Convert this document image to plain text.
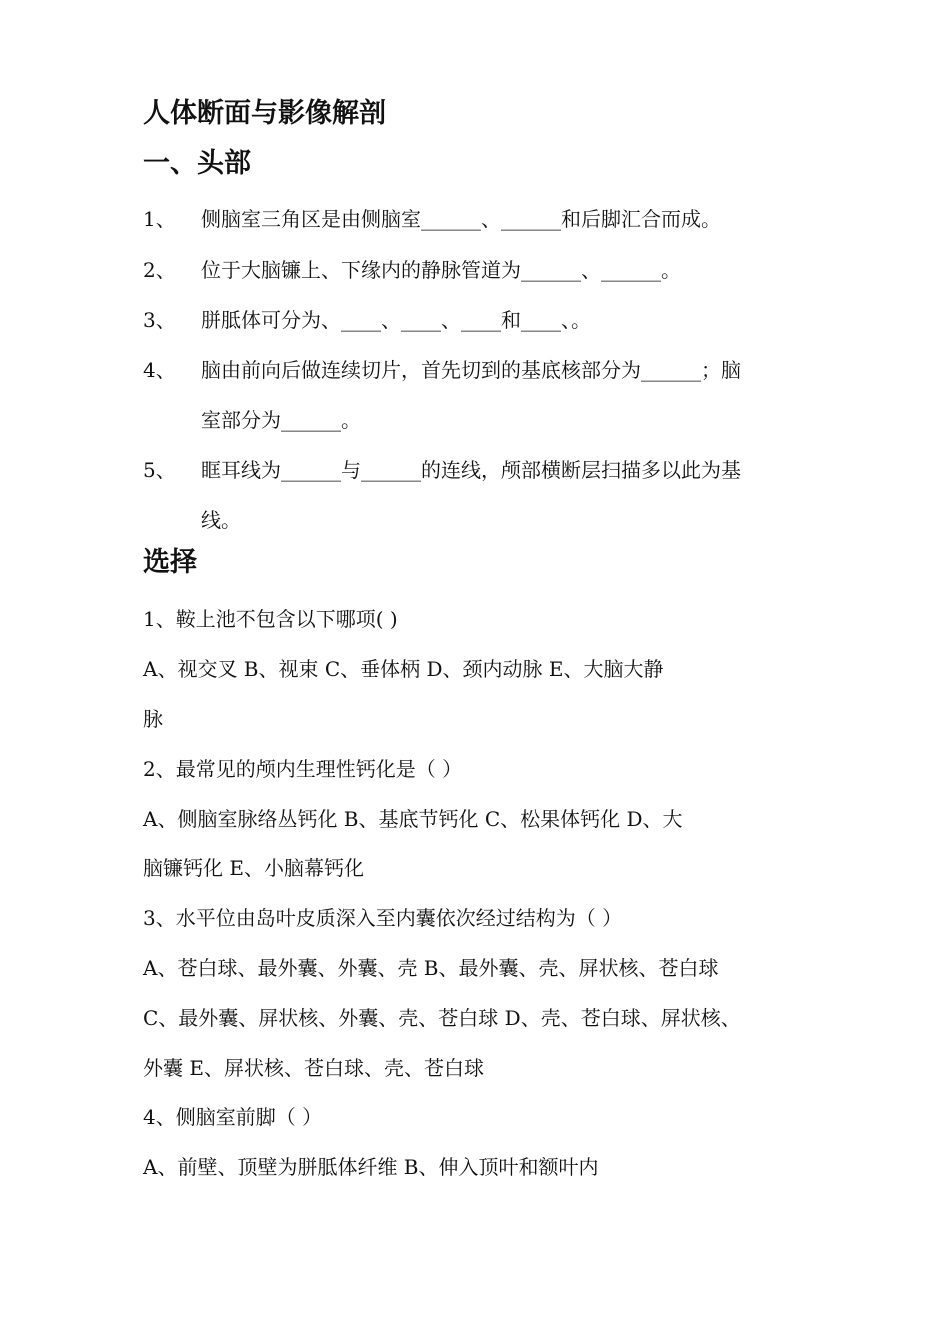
人体断面与影像解剖
一、头部
1、 侧脑室三角区是由侧脑室______、______和后脚汇合而成。
2、 位于大脑镰上、下缘内的静脉管道为______、______。
3、 胼胝体可分为、____、____、____和____、。
4、 脑由前向后做连续切片，首先切到的基底核部分为______；脑
室部分为______。
5、 眶耳线为______与______的连线，颅部横断层扫描多以此为基
线。
选择
1、鞍上池不包含以下哪项( )
A、视交叉 B、视束 C、垂体柄 D、颈内动脉 E、大脑大静
脉
2、最常见的颅内生理性钙化是（ ）
A、侧脑室脉络丛钙化 B、基底节钙化 C、松果体钙化 D、大
脑镰钙化 E、小脑幕钙化
3、水平位由岛叶皮质深入至内囊依次经过结构为（ ）
A、苍白球、最外囊、外囊、壳 B、最外囊、壳、屏状核、苍白球
C、最外囊、屏状核、外囊、壳、苍白球 D、壳、苍白球、屏状核、
外囊 E、屏状核、苍白球、壳、苍白球
4、侧脑室前脚（ ）
A、前壁、顶壁为胼胝体纤维 B、伸入顶叶和额叶内
